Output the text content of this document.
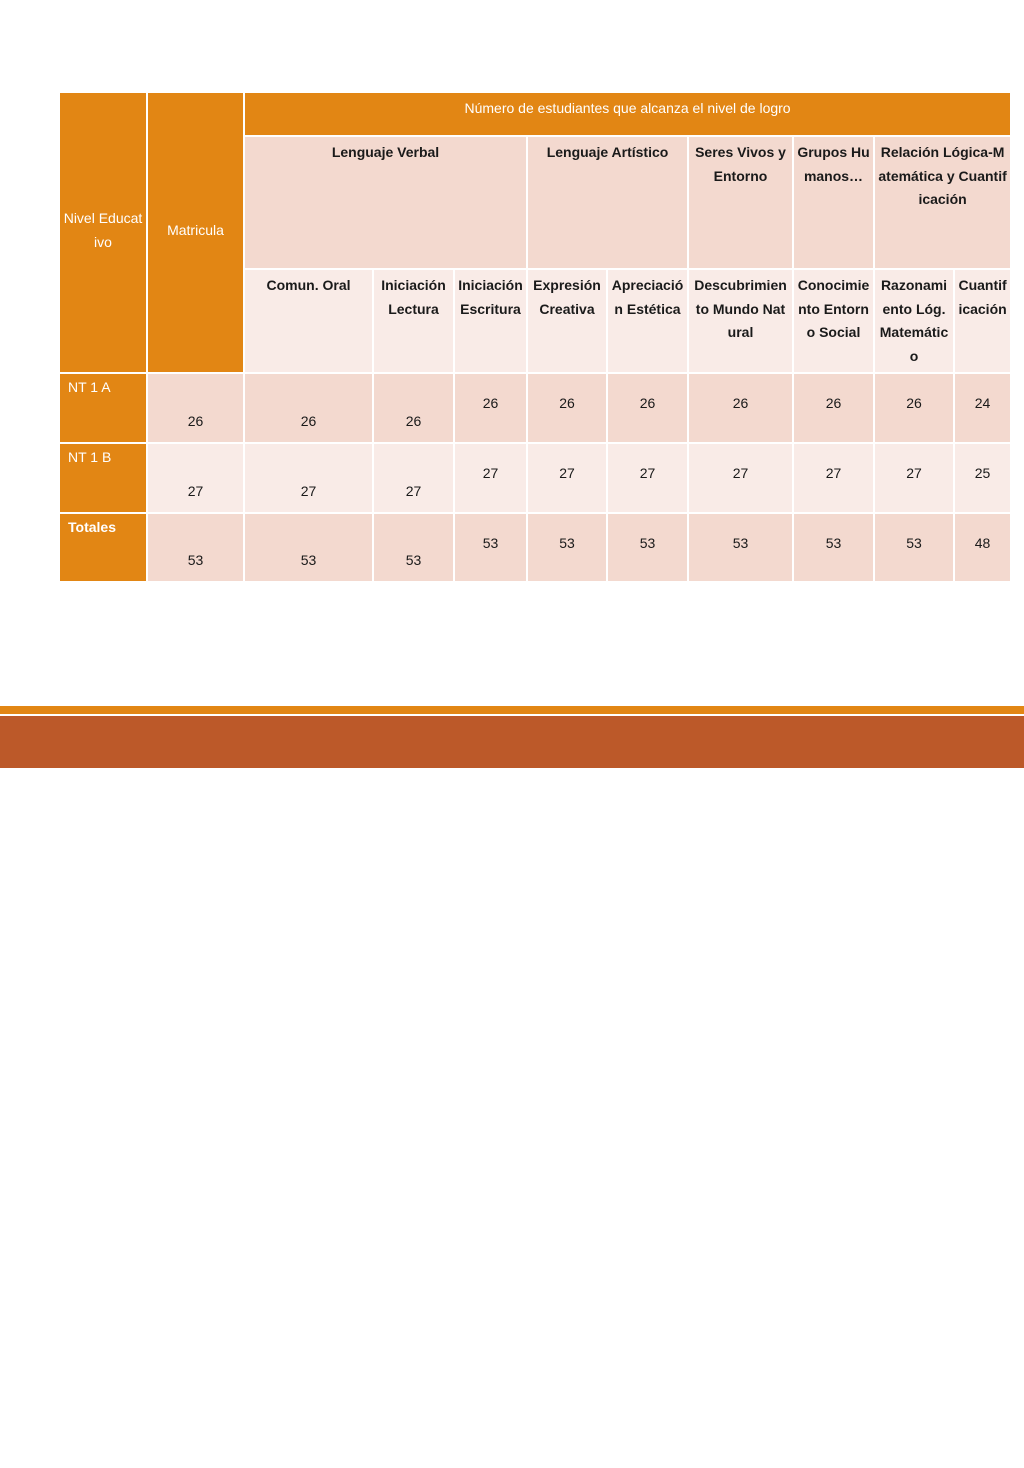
Nivel Educativo	Matricula	Número de estudiantes que alcanza el nivel de logro								
		Lenguaje Verbal			Lenguaje Artístico		Seres Vivos y Entorno	Grupos Humanos…	Relación Lógica-Matemática y Cuantificación	
		Comun. Oral	Iniciación Lectura	Iniciación Escritura	Expresión Creativa	Apreciación Estética	Descubrimiento Mundo Natural	Conocimiento Entorno Social	Razonamiento Lóg.Matemático	Cuantificación
NT 1 A	26	26	26	26	26	26	26	26	26	24
NT 1 B	27	27	27	27	27	27	27	27	27	25
Totales	53	53	53	53	53	53	53	53	53	48
34
